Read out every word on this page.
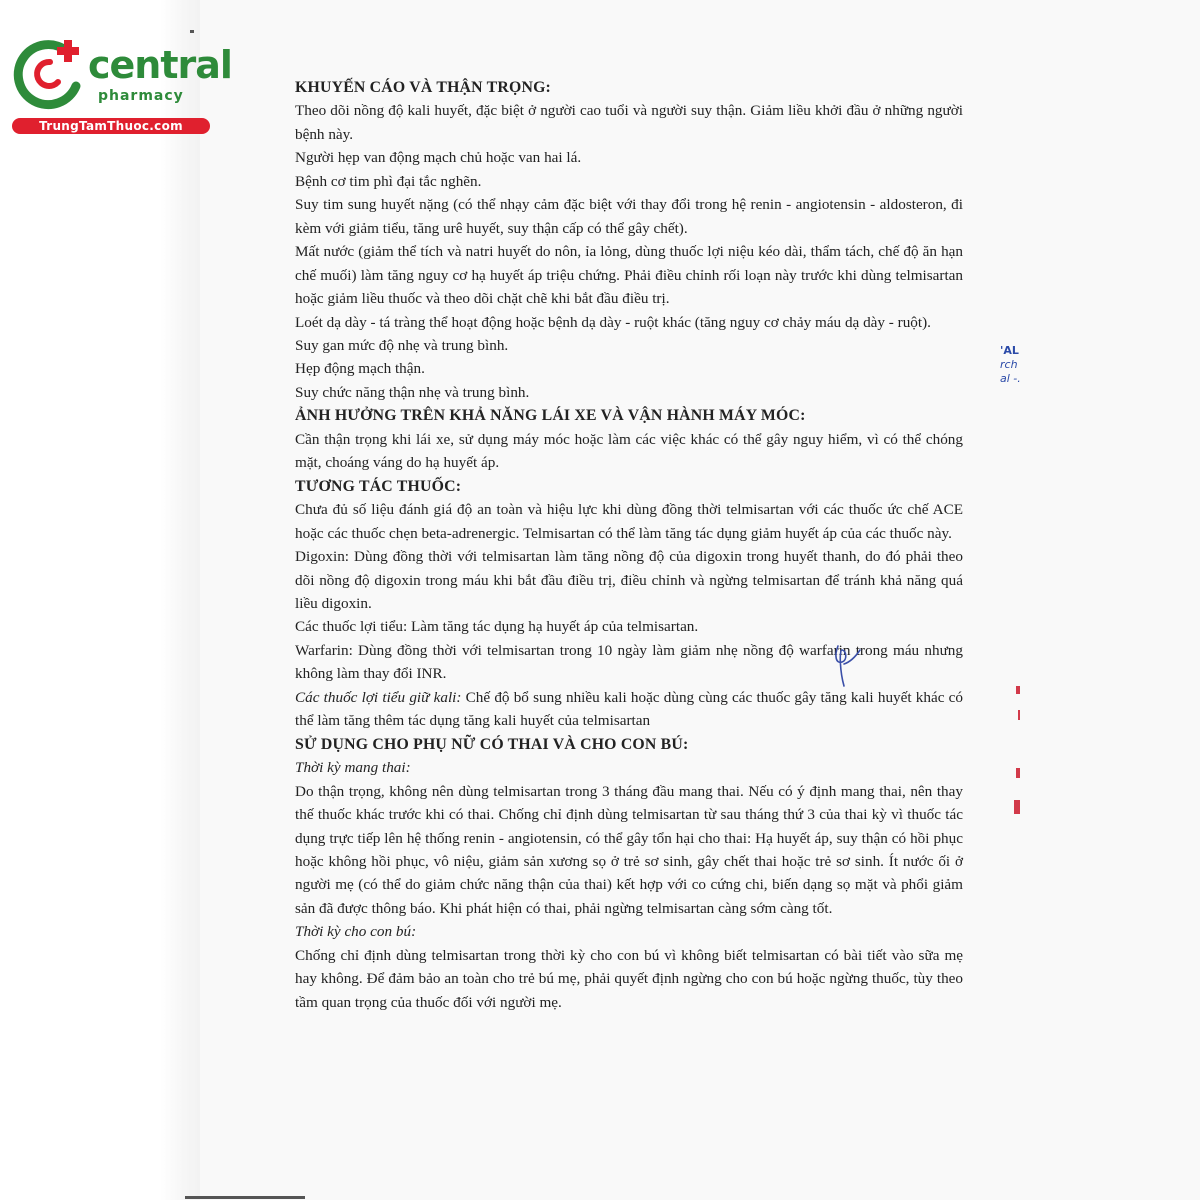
central
pharmacy
TrungTamThuoc.com

KHUYẾN CÁO VÀ THẬN TRỌNG:

Theo dõi nồng độ kali huyết, đặc biệt ở người cao tuổi và người suy thận. Giảm liều khởi đầu ở những người bệnh này.

Người hẹp van động mạch chủ hoặc van hai lá.

Bệnh cơ tim phì đại tắc nghẽn.

Suy tim sung huyết nặng (có thể nhạy cảm đặc biệt với thay đổi trong hệ renin - angiotensin - aldosteron, đi kèm với giảm tiểu, tăng urê huyết, suy thận cấp có thể gây chết).

Mất nước (giảm thể tích và natri huyết do nôn, ỉa lỏng, dùng thuốc lợi niệu kéo dài, thẩm tách, chế độ ăn hạn chế muối) làm tăng nguy cơ hạ huyết áp triệu chứng. Phải điều chỉnh rối loạn này trước khi dùng telmisartan hoặc giảm liều thuốc và theo dõi chặt chẽ khi bắt đầu điều trị.

Loét dạ dày - tá tràng thể hoạt động hoặc bệnh dạ dày - ruột khác (tăng nguy cơ chảy máu dạ dày - ruột).

Suy gan mức độ nhẹ và trung bình.

Hẹp động mạch thận.

Suy chức năng thận nhẹ và trung bình.

ẢNH HƯỞNG TRÊN KHẢ NĂNG LÁI XE VÀ VẬN HÀNH MÁY MÓC:

Cần thận trọng khi lái xe, sử dụng máy móc hoặc làm các việc khác có thể gây nguy hiểm, vì có thể chóng mặt, choáng váng do hạ huyết áp.

TƯƠNG TÁC THUỐC:

Chưa đủ số liệu đánh giá độ an toàn và hiệu lực khi dùng đồng thời telmisartan với các thuốc ức chế ACE hoặc các thuốc chẹn beta-adrenergic. Telmisartan có thể làm tăng tác dụng giảm huyết áp của các thuốc này.

Digoxin: Dùng đồng thời với telmisartan làm tăng nồng độ của digoxin trong huyết thanh, do đó phải theo dõi nồng độ digoxin trong máu khi bắt đầu điều trị, điều chỉnh và ngừng telmisartan để tránh khả năng quá liều digoxin.

Các thuốc lợi tiểu: Làm tăng tác dụng hạ huyết áp của telmisartan.

Warfarin: Dùng đồng thời với telmisartan trong 10 ngày làm giảm nhẹ nồng độ warfarin trong máu nhưng không làm thay đổi INR.

Các thuốc lợi tiểu giữ kali: Chế độ bổ sung nhiều kali hoặc dùng cùng các thuốc gây tăng kali huyết khác có thể làm tăng thêm tác dụng tăng kali huyết của telmisartan

SỬ DỤNG CHO PHỤ NỮ CÓ THAI VÀ CHO CON BÚ:

Thời kỳ mang thai:

Do thận trọng, không nên dùng telmisartan trong 3 tháng đầu mang thai. Nếu có ý định mang thai, nên thay thế thuốc khác trước khi có thai. Chống chỉ định dùng telmisartan từ sau tháng thứ 3 của thai kỳ vì thuốc tác dụng trực tiếp lên hệ thống renin - angiotensin, có thể gây tổn hại cho thai: Hạ huyết áp, suy thận có hồi phục hoặc không hồi phục, vô niệu, giảm sản xương sọ ở trẻ sơ sinh, gây chết thai hoặc trẻ sơ sinh. Ít nước ối ở người mẹ (có thể do giảm chức năng thận của thai) kết hợp với co cứng chi, biến dạng sọ mặt và phổi giảm sản đã được thông báo. Khi phát hiện có thai, phải ngừng telmisartan càng sớm càng tốt.

Thời kỳ cho con bú:

Chống chỉ định dùng telmisartan trong thời kỳ cho con bú vì không biết telmisartan có bài tiết vào sữa mẹ hay không. Để đảm bảo an toàn cho trẻ bú mẹ, phải quyết định ngừng cho con bú hoặc ngừng thuốc, tùy theo tầm quan trọng của thuốc đối với người mẹ.

'AL
rch
al -.
